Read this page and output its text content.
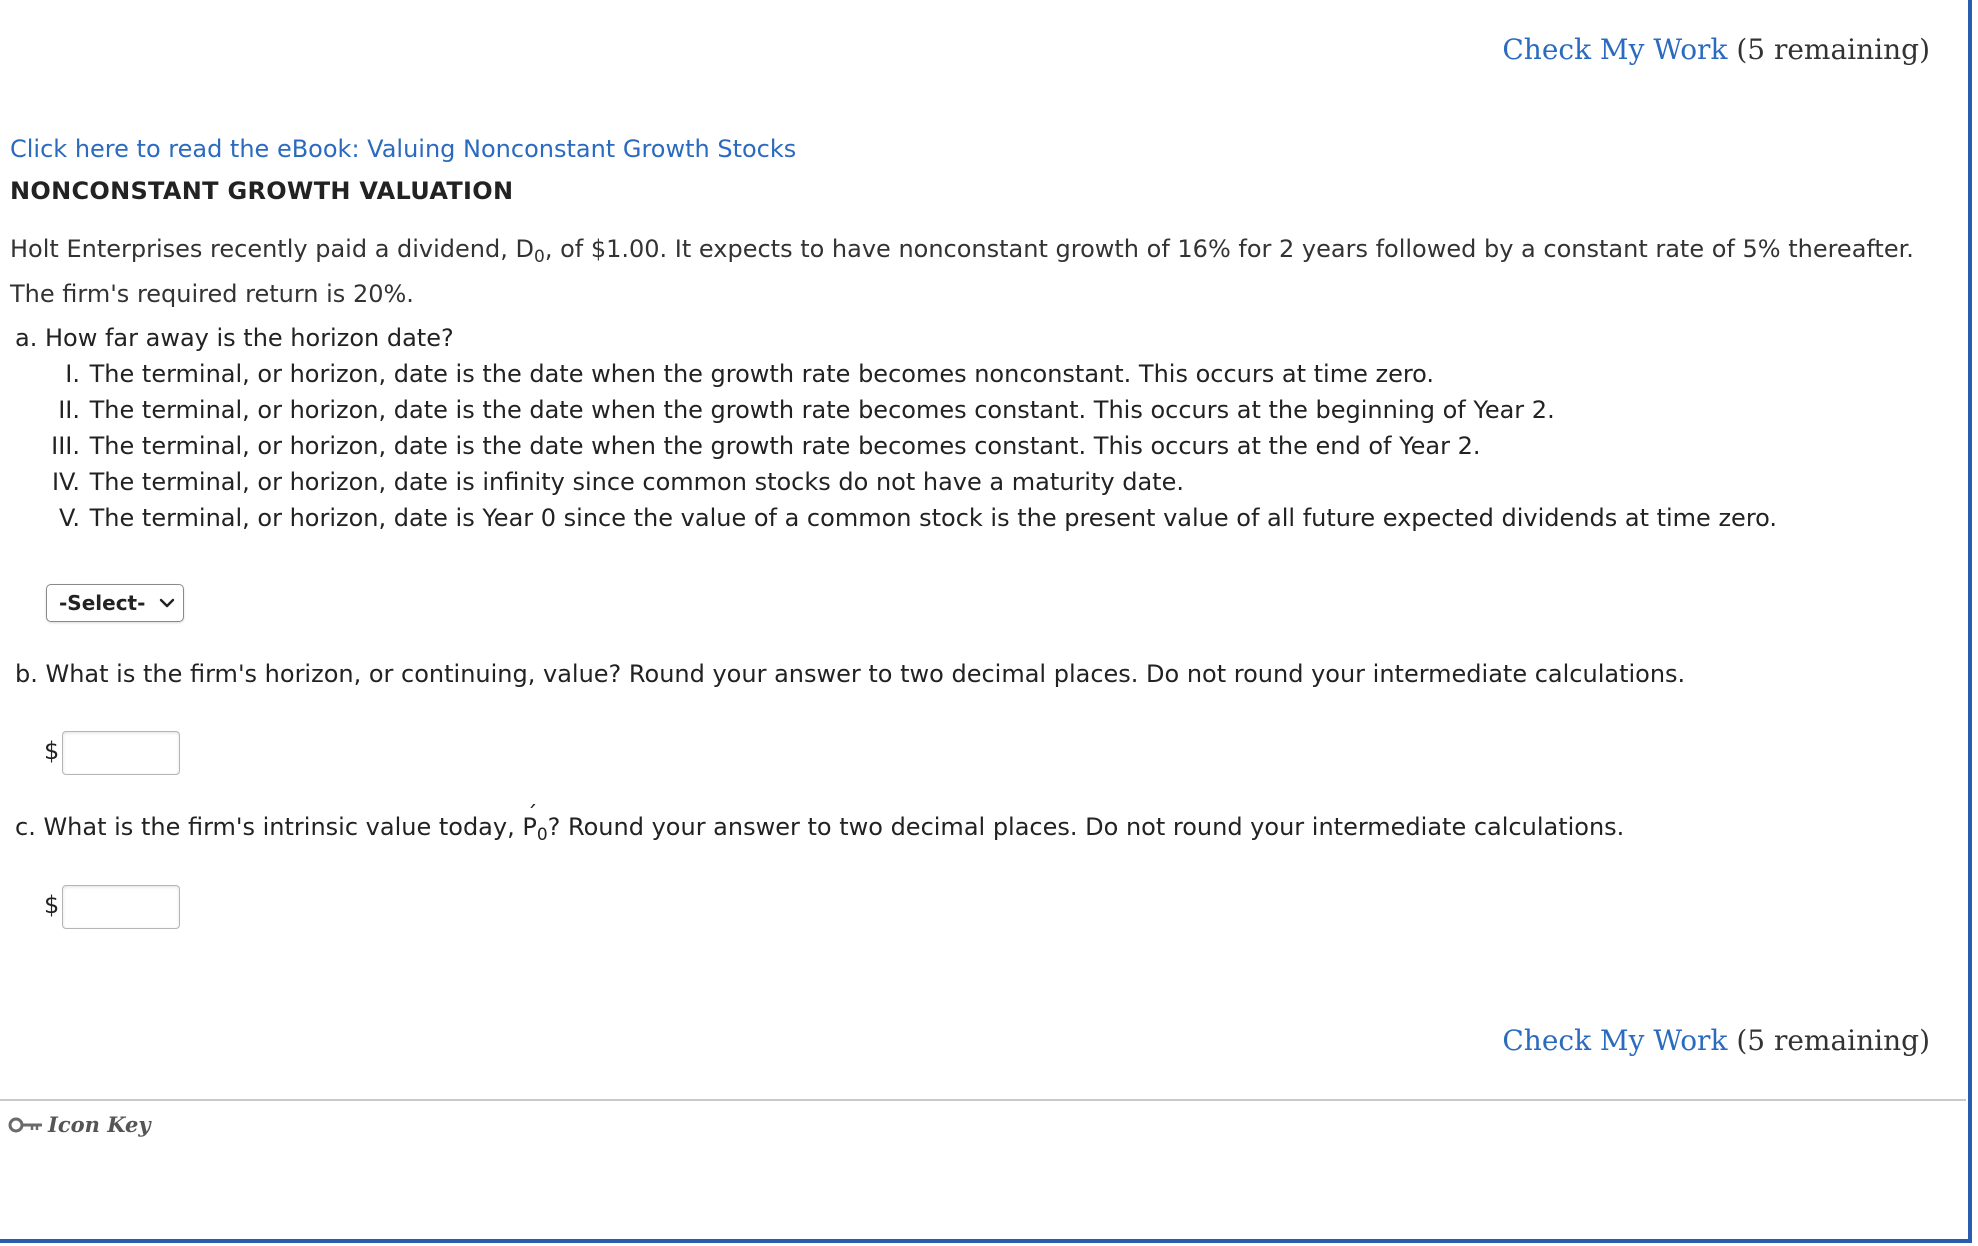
Check My Work (5 remaining)
Click here to read the eBook: Valuing Nonconstant Growth Stocks
NONCONSTANT GROWTH VALUATION
Holt Enterprises recently paid a dividend, $D_0$, of $1.00. It expects to have nonconstant growth of 16% for 2 years followed by a constant rate of 5% thereafter. The firm's required return is 20%.
a. How far away is the horizon date?
I. The terminal, or horizon, date is the date when the growth rate becomes nonconstant. This occurs at time zero.
II. The terminal, or horizon, date is the date when the growth rate becomes constant. This occurs at the beginning of Year 2.
III. The terminal, or horizon, date is the date when the growth rate becomes constant. This occurs at the end of Year 2.
IV. The terminal, or horizon, date is infinity since common stocks do not have a maturity date.
V. The terminal, or horizon, date is Year 0 since the value of a common stock is the present value of all future expected dividends at time zero.
-Select-
b. What is the firm's horizon, or continuing, value? Round your answer to two decimal places. Do not round your intermediate calculations.
$
c. What is the firm's intrinsic value today, ˊ $P_0$? Round your answer to two decimal places. Do not round your intermediate calculations.
$
Check My Work (5 remaining)
Icon Key
